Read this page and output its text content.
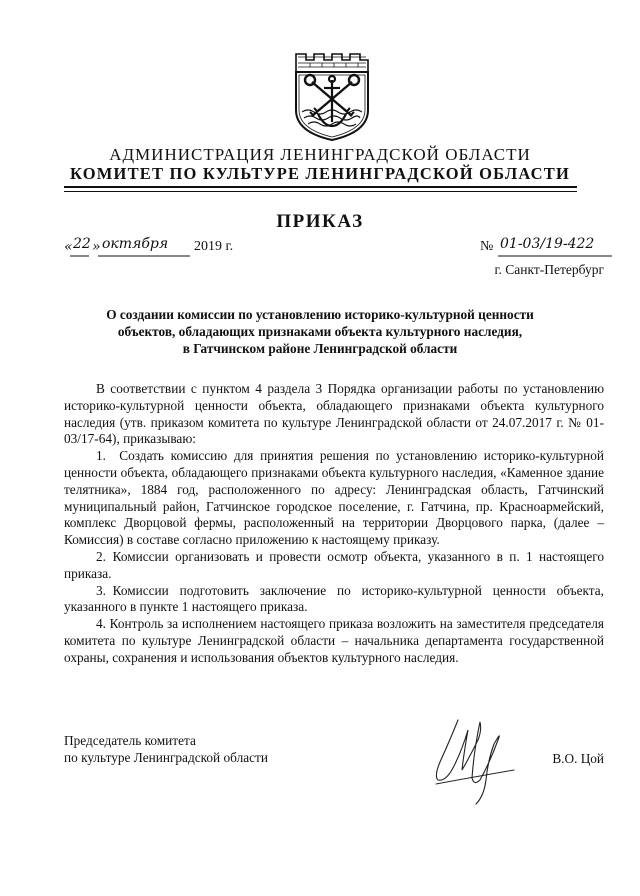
АДМИНИСТРАЦИЯ ЛЕНИНГРАДСКОЙ ОБЛАСТИ
КОМИТЕТ ПО КУЛЬТУРЕ ЛЕНИНГРАДСКОЙ ОБЛАСТИ
ПРИКАЗ
« 22 » октября 2019 г.	№ 01-03/19-422
г. Санкт-Петербург
О создании комиссии по установлению историко-культурной ценности
объектов, обладающих признаками объекта культурного наследия,
в Гатчинском районе Ленинградской области

В соответствии с пунктом 4 раздела 3 Порядка организации работы по установлению историко-культурной ценности объекта, обладающего признаками объекта культурного наследия (утв. приказом комитета по культуре Ленинградской области от 24.07.2017 г. № 01-03/17-64), приказываю:

1. Создать комиссию для принятия решения по установлению историко-культурной ценности объекта, обладающего признаками объекта культурного наследия, «Каменное здание телятника», 1884 год, расположенного по адресу: Ленинградская область, Гатчинский муниципальный район, Гатчинское городское поселение, г. Гатчина, пр. Красноармейский, комплекс Дворцовой фермы, расположенный на территории Дворцового парка, (далее – Комиссия) в составе согласно приложению к настоящему приказу.

2. Комиссии организовать и провести осмотр объекта, указанного в п. 1 настоящего приказа.

3. Комиссии подготовить заключение по историко-культурной ценности объекта, указанного в пункте 1 настоящего приказа.

4. Контроль за исполнением настоящего приказа возложить на заместителя председателя комитета по культуре Ленинградской области – начальника департамента государственной охраны, сохранения и использования объектов культурного наследия.

Председатель комитета
по культуре Ленинградской области	В.О. Цой
